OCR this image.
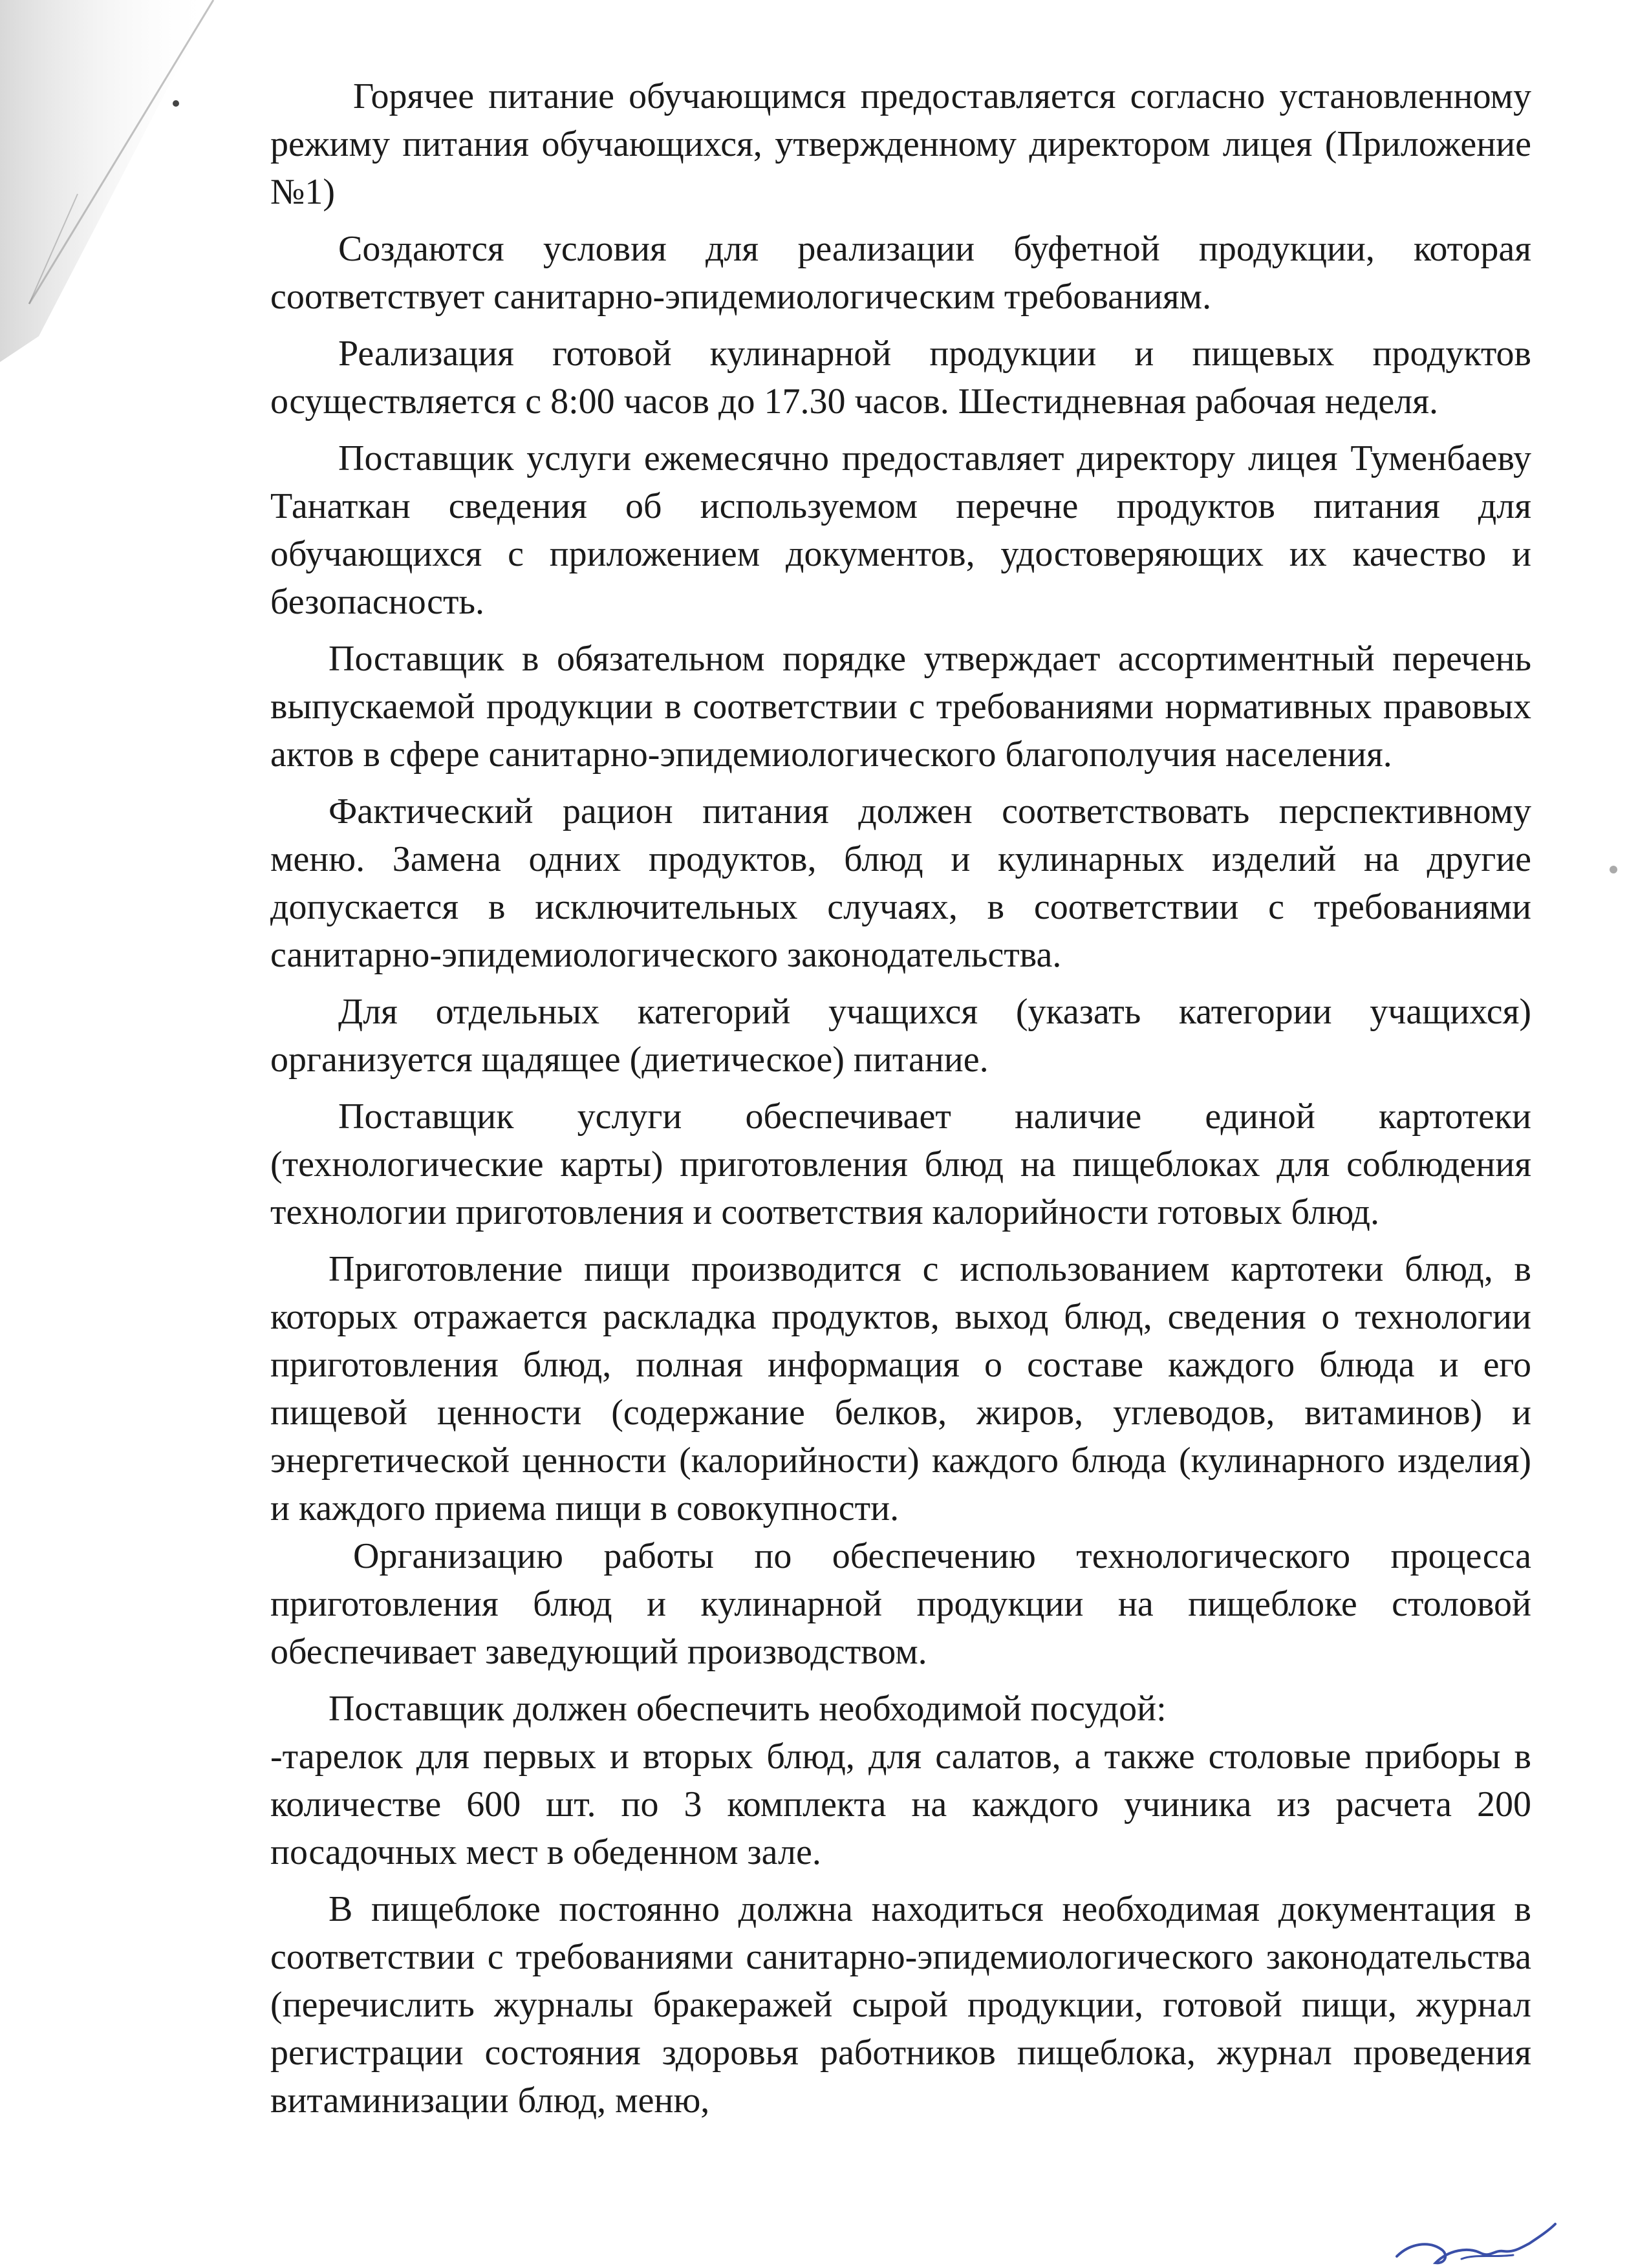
Горячее питание обучающимся предоставляется согласно установленному режиму питания обучающихся, утвержденному директором лицея (Приложение №1)

Создаются условия для реализации буфетной продукции, которая соответствует санитарно-эпидемиологическим требованиям.

Реализация готовой кулинарной продукции и пищевых продуктов осуществляется с 8:00 часов до 17.30 часов. Шестидневная рабочая неделя.

Поставщик услуги ежемесячно предоставляет директору лицея Туменбаеву Танаткан сведения об используемом перечне продуктов питания для обучающихся с приложением документов, удостоверяющих их качество и безопасность.

Поставщик в обязательном порядке утверждает ассортиментный перечень выпускаемой продукции в соответствии с требованиями нормативных правовых актов в сфере санитарно-эпидемиологического благополучия населения.

Фактический рацион питания должен соответствовать перспективному меню. Замена одних продуктов, блюд и кулинарных изделий на другие допускается в исключительных случаях, в соответствии с требованиями санитарно-эпидемиологического законодательства.

Для отдельных категорий учащихся (указать категории учащихся) организуется щадящее (диетическое) питание.

Поставщик услуги обеспечивает наличие единой картотеки (технологические карты) приготовления блюд на пищеблоках для соблюдения технологии приготовления и соответствия калорийности готовых блюд.

Приготовление пищи производится с использованием картотеки блюд, в которых отражается раскладка продуктов, выход блюд, сведения о технологии приготовления блюд, полная информация о составе каждого блюда и его пищевой ценности (содержание белков, жиров, углеводов, витаминов) и энергетической ценности (калорийности) каждого блюда (кулинарного изделия) и каждого приема пищи в совокупности.

Организацию работы по обеспечению технологического процесса приготовления блюд и кулинарной продукции на пищеблоке столовой обеспечивает заведующий производством.

Поставщик должен обеспечить необходимой посудой:

-тарелок для первых и вторых блюд, для салатов, а также столовые приборы в количестве 600 шт. по 3 комплекта на каждого учиника из расчета 200 посадочных мест в обеденном зале.

В пищеблоке постоянно должна находиться необходимая документация в соответствии с требованиями санитарно-эпидемиологического законодательства (перечислить журналы бракеражей сырой продукции, готовой пищи, журнал регистрации состояния здоровья работников пищеблока, журнал проведения витаминизации блюд, меню,
